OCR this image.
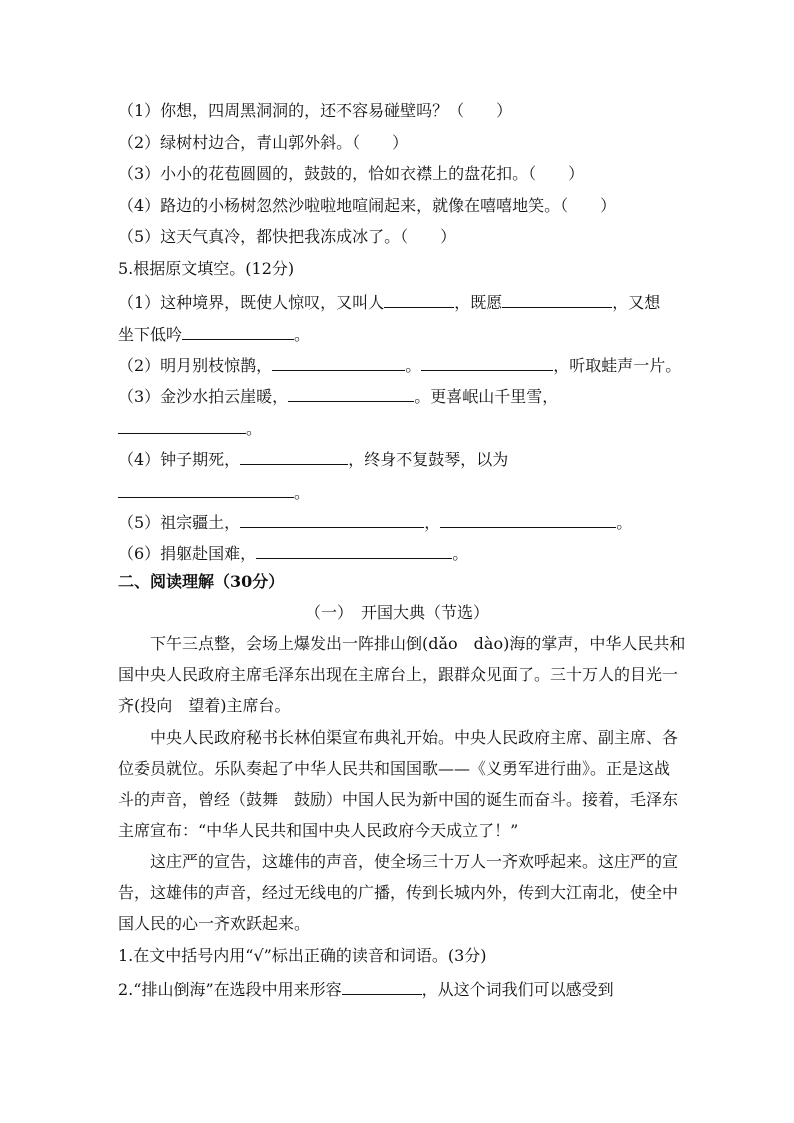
（1）你想，四周黑洞洞的，还不容易碰壁吗？（　　）
（2）绿树村边合，青山郭外斜。（　　）
（3）小小的花苞圆圆的，鼓鼓的，恰如衣襟上的盘花扣。（　　）
（4）路边的小杨树忽然沙啦啦地喧闹起来，就像在嘻嘻地笑。（　　）
（5）这天气真冷，都快把我冻成冰了。（　　）
5.根据原文填空。(12分)
（1）这种境界，既使人惊叹，又叫人	，既愿	，又想
坐下低吟	。
（2）明月别枝惊鹊，	。	，听取蛙声一片。
（3）金沙水拍云崖暖，	。更喜岷山千里雪，
。
（4）钟子期死，	，终身不复鼓琴，以为
。
（5）祖宗疆土，	，	。
（6）捐躯赴国难，	。
二、阅读理解（30分）
（一）　开国大典（节选）
　　下午三点整，会场上爆发出一阵排山倒(dǎo　dào)海的掌声，中华人民共和
国中央人民政府主席毛泽东出现在主席台上，跟群众见面了。三十万人的目光一
齐(投向　望着)主席台。
　　中央人民政府秘书长林伯渠宣布典礼开始。中央人民政府主席、副主席、各
位委员就位。乐队奏起了中华人民共和国国歌——《义勇军进行曲》。正是这战
斗的声音，曾经（鼓舞　鼓励）中国人民为新中国的诞生而奋斗。接着，毛泽东
主席宣布：“中华人民共和国中央人民政府今天成立了！”
　　这庄严的宣告，这雄伟的声音，使全场三十万人一齐欢呼起来。这庄严的宣
告，这雄伟的声音，经过无线电的广播，传到长城内外，传到大江南北，使全中
国人民的心一齐欢跃起来。
1.在文中括号内用“√”标出正确的读音和词语。(3分)
2.“排山倒海”在选段中用来形容	，从这个词我们可以感受到
